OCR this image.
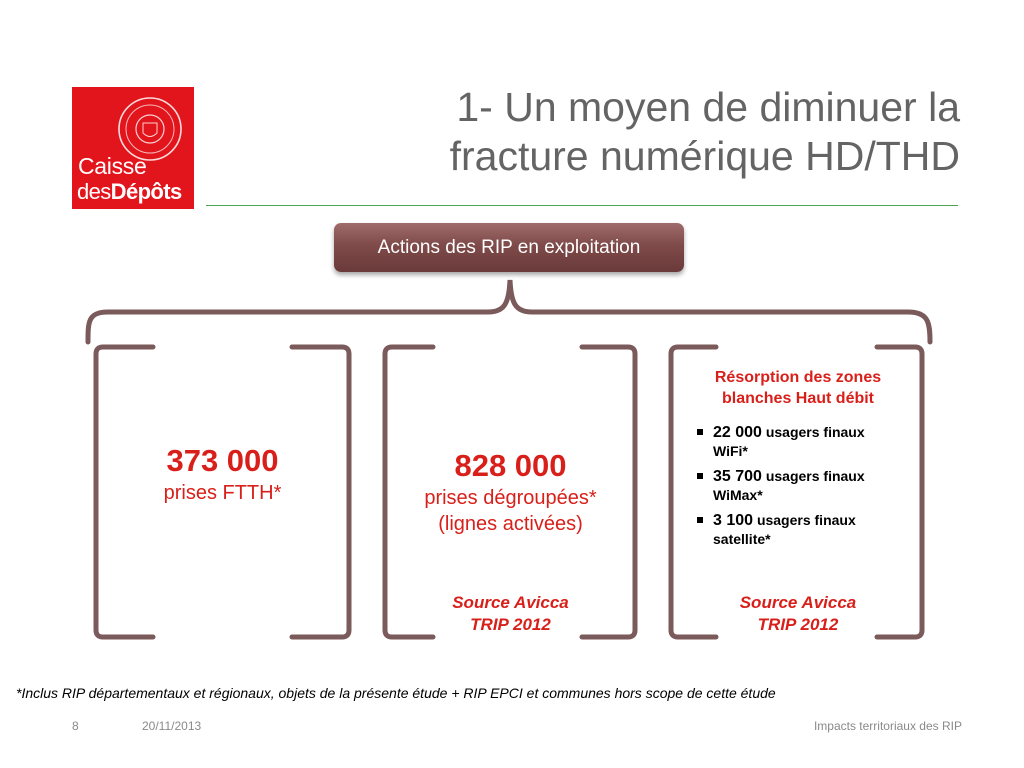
Caisse
desDépôts
1- Un moyen de diminuer la
fracture numérique HD/THD
Actions des RIP en exploitation
373 000
prises FTTH*
828 000
prises dégroupées*
(lignes activées)
Source Avicca
TRIP 2012
Résorption des zones
blanches Haut débit
22 000 usagers finaux
WiFi*
35 700 usagers finaux
WiMax*
3 100 usagers finaux
satellite*
Source Avicca
TRIP 2012
*Inclus RIP départementaux et régionaux, objets de la présente étude + RIP EPCI et communes hors scope de cette étude
8	20/11/2013	Impacts territoriaux des RIP
